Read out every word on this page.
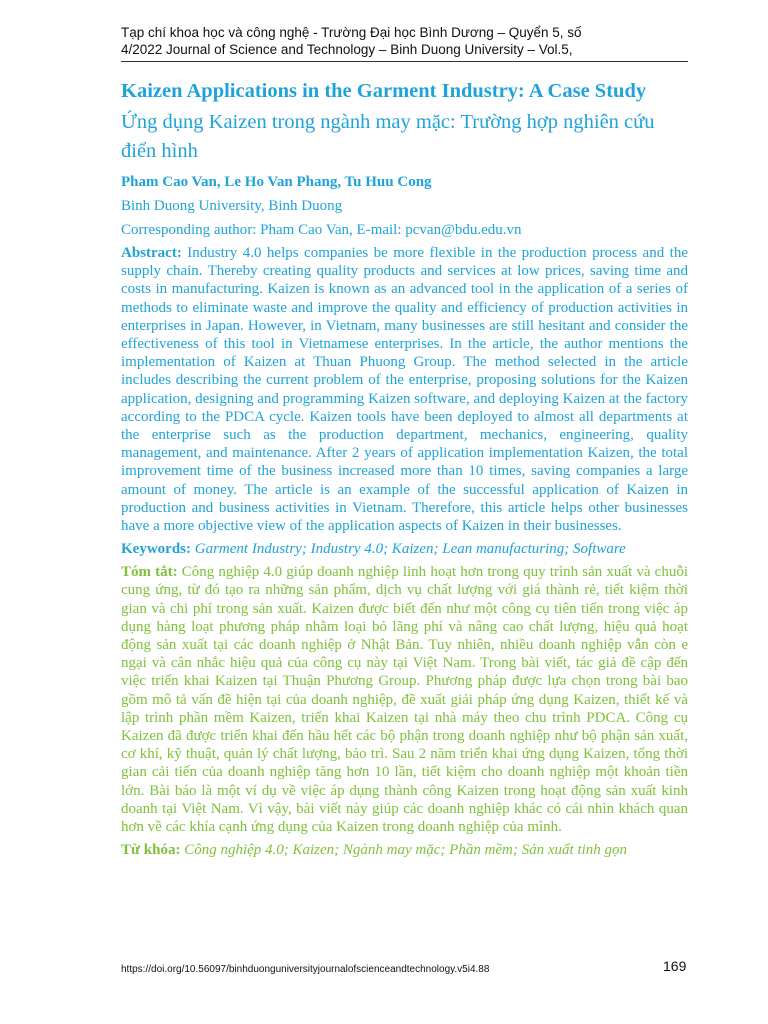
Tạp chí khoa học và công nghệ - Trường Đại học Bình Dương – Quyển 5, số
4/2022 Journal of Science and Technology – Binh Duong University – Vol.5,
Kaizen Applications in the Garment Industry: A Case Study
Ứng dụng Kaizen trong ngành may mặc: Trường hợp nghiên cứu điển hình
Pham Cao Van, Le Ho Van Phang, Tu Huu Cong
Binh Duong University, Binh Duong
Corresponding author: Pham Cao Van, E-mail: pcvan@bdu.edu.vn

Abstract: Industry 4.0 helps companies be more flexible in the production process and the supply chain. Thereby creating quality products and services at low prices, saving time and costs in manufacturing. Kaizen is known as an advanced tool in the application of a series of methods to eliminate waste and improve the quality and efficiency of production activities in enterprises in Japan. However, in Vietnam, many businesses are still hesitant and consider the effectiveness of this tool in Vietnamese enterprises. In the article, the author mentions the implementation of Kaizen at Thuan Phuong Group. The method selected in the article includes describing the current problem of the enterprise, proposing solutions for the Kaizen application, designing and programming Kaizen software, and deploying Kaizen at the factory according to the PDCA cycle. Kaizen tools have been deployed to almost all departments at the enterprise such as the production department, mechanics, engineering, quality management, and maintenance. After 2 years of application implementation Kaizen, the total improvement time of the business increased more than 10 times, saving companies a large amount of money. The article is an example of the successful application of Kaizen in production and business activities in Vietnam. Therefore, this article helps other businesses have a more objective view of the application aspects of Kaizen in their businesses.

Keywords: Garment Industry; Industry 4.0; Kaizen; Lean manufacturing; Software

Tóm tắt: Công nghiệp 4.0 giúp doanh nghiệp linh hoạt hơn trong quy trình sản xuất và chuỗi cung ứng, từ đó tạo ra những sản phẩm, dịch vụ chất lượng với giá thành rẻ, tiết kiệm thời gian và chi phí trong sản xuất. Kaizen được biết đến như một công cụ tiên tiến trong việc áp dụng hàng loạt phương pháp nhằm loại bỏ lãng phí và nâng cao chất lượng, hiệu quả hoạt động sản xuất tại các doanh nghiệp ở Nhật Bản. Tuy nhiên, nhiều doanh nghiệp vẫn còn e ngại và cân nhắc hiệu quả của công cụ này tại Việt Nam. Trong bài viết, tác giả đề cập đến việc triển khai Kaizen tại Thuận Phương Group. Phương pháp được lựa chọn trong bài bao gồm mô tả vấn đề hiện tại của doanh nghiệp, đề xuất giải pháp ứng dụng Kaizen, thiết kế và lập trình phần mềm Kaizen, triển khai Kaizen tại nhà máy theo chu trình PDCA. Công cụ Kaizen đã được triển khai đến hầu hết các bộ phận trong doanh nghiệp như bộ phận sản xuất, cơ khí, kỹ thuật, quản lý chất lượng, bảo trì. Sau 2 năm triển khai ứng dụng Kaizen, tổng thời gian cải tiến của doanh nghiệp tăng hơn 10 lần, tiết kiệm cho doanh nghiệp một khoản tiền lớn. Bài báo là một ví dụ về việc áp dụng thành công Kaizen trong hoạt động sản xuất kinh doanh tại Việt Nam. Vì vậy, bài viết này giúp các doanh nghiệp khác có cái nhìn khách quan hơn về các khía cạnh ứng dụng của Kaizen trong doanh nghiệp của mình.

Từ khóa: Công nghiệp 4.0; Kaizen; Ngành may mặc; Phần mềm; Sản xuất tinh gọn

https://doi.org/10.56097/binhduonguniversityjournalofscienceandtechnology.v5i4.88	169
